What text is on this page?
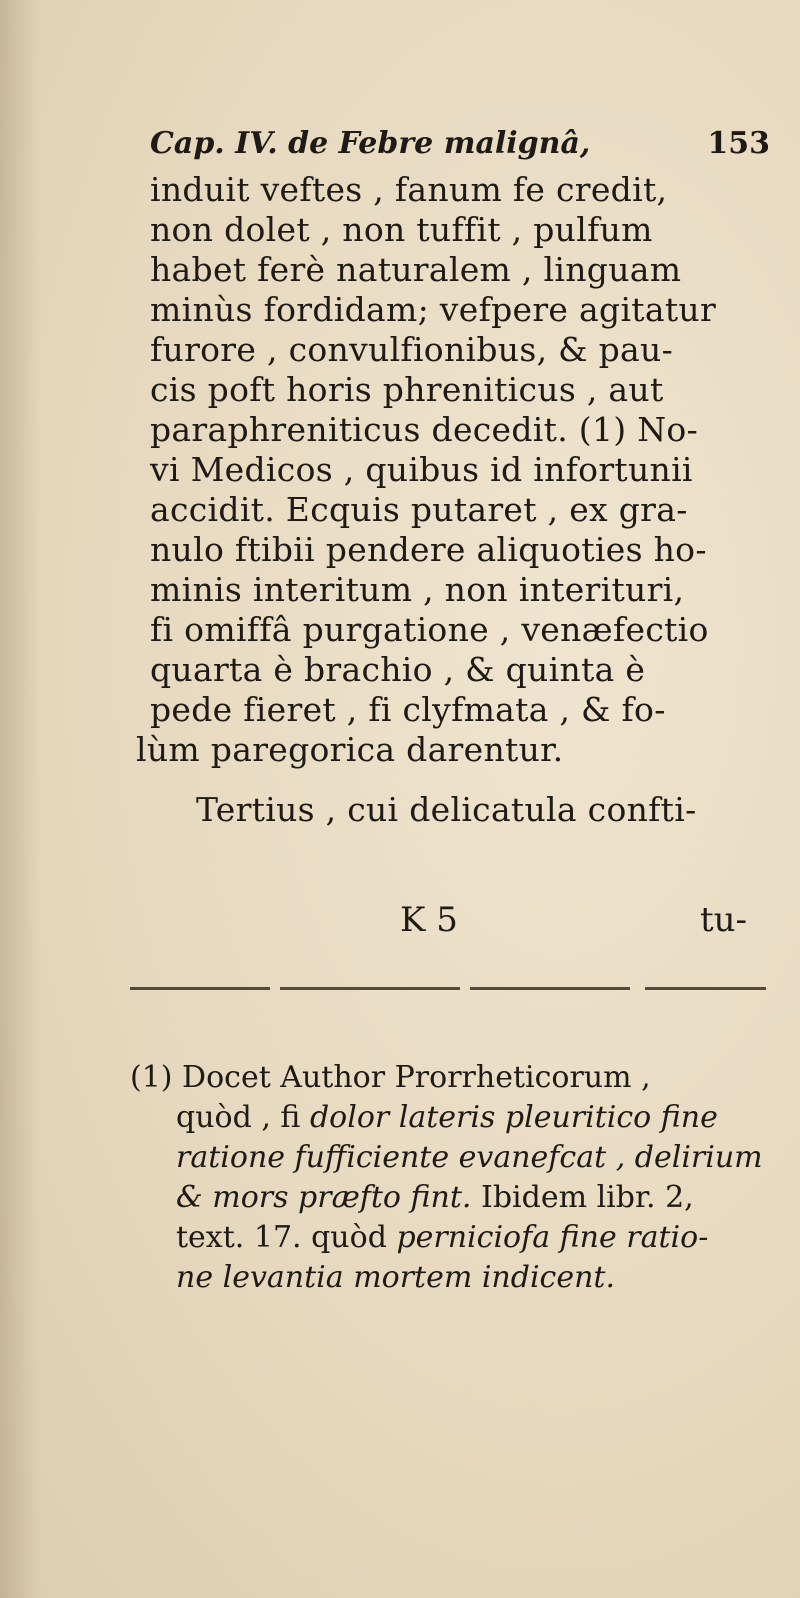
Cap. IV. de Febre malignâ,	153
induit veftes , fanum fe credit,
non dolet , non tuffit , pulfum
habet ferè naturalem , linguam
minùs fordidam; vefpere agitatur
furore , convulfionibus, & pau-
cis poft horis phreniticus , aut
paraphreniticus decedit. (1) No-
vi Medicos , quibus id infortunii
accidit. Ecquis putaret , ex gra-
nulo ftibii pendere aliquoties ho-
minis interitum , non interituri,
fi omiffâ purgatione , venæfectio
quarta è brachio , & quinta è
pede fieret , fi clyfmata , & fo-
lùm paregorica darentur.
Tertius , cui delicatula confti-
K 5	tu-
(1) Docet Author Prorrheticorum ,
quòd , fi dolor lateris pleuritico fine
ratione fufficiente evanefcat , delirium
& mors præfto fint. Ibidem libr. 2,
text. 17. quòd perniciofa fine ratio-
ne levantia mortem indicent.
